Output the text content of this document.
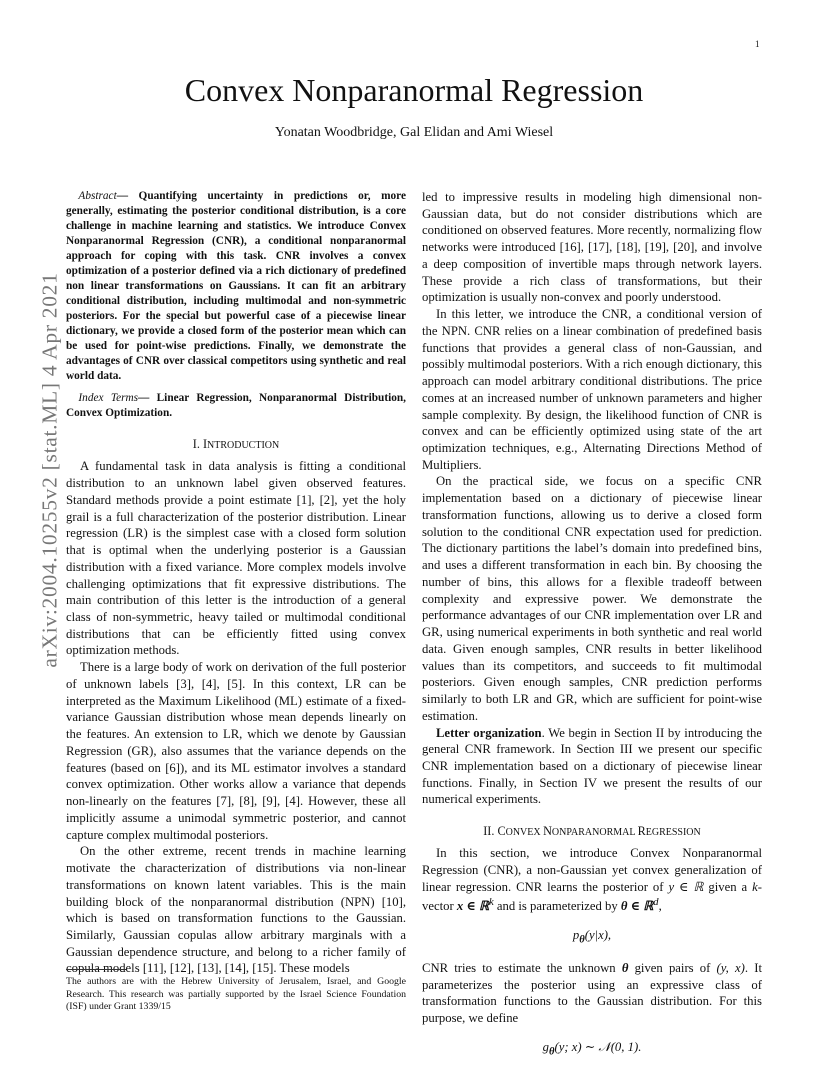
1
arXiv:2004.10255v2 [stat.ML] 4 Apr 2021
Convex Nonparanormal Regression
Yonatan Woodbridge, Gal Elidan and Ami Wiesel

Abstract— Quantifying uncertainty in predictions or, more generally, estimating the posterior conditional distribution, is a core challenge in machine learning and statistics. We introduce Convex Nonparanormal Regression (CNR), a conditional nonparanormal approach for coping with this task. CNR involves a convex optimization of a posterior defined via a rich dictionary of predefined non linear transformations on Gaussians. It can fit an arbitrary conditional distribution, including multimodal and non-symmetric posteriors. For the special but powerful case of a piecewise linear dictionary, we provide a closed form of the posterior mean which can be used for point-wise predictions. Finally, we demonstrate the advantages of CNR over classical competitors using synthetic and real world data.

Index Terms— Linear Regression, Nonparanormal Distribution, Convex Optimization.

I. INTRODUCTION

A fundamental task in data analysis is fitting a conditional distribution to an unknown label given observed features. Standard methods provide a point estimate [1], [2], yet the holy grail is a full characterization of the posterior distribution. Linear regression (LR) is the simplest case with a closed form solution that is optimal when the underlying posterior is a Gaussian distribution with a fixed variance. More complex models involve challenging optimizations that fit expressive distributions. The main contribution of this letter is the introduction of a general class of non-symmetric, heavy tailed or multimodal conditional distributions that can be efficiently fitted using convex optimization methods.

There is a large body of work on derivation of the full posterior of unknown labels [3], [4], [5]. In this context, LR can be interpreted as the Maximum Likelihood (ML) estimate of a fixed-variance Gaussian distribution whose mean depends linearly on the features. An extension to LR, which we denote by Gaussian Regression (GR), also assumes that the variance depends on the features (based on [6]), and its ML estimator involves a standard convex optimization. Other works allow a variance that depends non-linearly on the features [7], [8], [9], [4]. However, these all implicitly assume a unimodal symmetric posterior, and cannot capture complex multimodal posteriors.

On the other extreme, recent trends in machine learning motivate the characterization of distributions via non-linear transformations on known latent variables. This is the main building block of the nonparanormal distribution (NPN) [10], which is based on transformation functions to the Gaussian. Similarly, Gaussian copulas allow arbitrary marginals with a Gaussian dependence structure, and belong to a richer family of copula models [11], [12], [13], [14], [15]. These models

The authors are with the Hebrew University of Jerusalem, Israel, and Google Research. This research was partially supported by the Israel Science Foundation (ISF) under Grant 1339/15

led to impressive results in modeling high dimensional non-Gaussian data, but do not consider distributions which are conditioned on observed features. More recently, normalizing flow networks were introduced [16], [17], [18], [19], [20], and involve a deep composition of invertible maps through network layers. These provide a rich class of transformations, but their optimization is usually non-convex and poorly understood.

In this letter, we introduce the CNR, a conditional version of the NPN. CNR relies on a linear combination of predefined basis functions that provides a general class of non-Gaussian, and possibly multimodal posteriors. With a rich enough dictionary, this approach can model arbitrary conditional distributions. The price comes at an increased number of unknown parameters and higher sample complexity. By design, the likelihood function of CNR is convex and can be efficiently optimized using state of the art optimization techniques, e.g., Alternating Directions Method of Multipliers.

On the practical side, we focus on a specific CNR implementation based on a dictionary of piecewise linear transformation functions, allowing us to derive a closed form solution to the conditional CNR expectation used for prediction. The dictionary partitions the label’s domain into predefined bins, and uses a different transformation in each bin. By choosing the number of bins, this allows for a flexible tradeoff between complexity and expressive power. We demonstrate the performance advantages of our CNR implementation over LR and GR, using numerical experiments in both synthetic and real world data. Given enough samples, CNR results in better likelihood values than its competitors, and succeeds to fit multimodal posteriors. Given enough samples, CNR prediction performs similarly to both LR and GR, which are sufficient for point-wise estimation.

Letter organization. We begin in Section II by introducing the general CNR framework. In Section III we present our specific CNR implementation based on a dictionary of piecewise linear functions. Finally, in Section IV we present the results of our numerical experiments.

II. CONVEX NONPARANORMAL REGRESSION

In this section, we introduce Convex Nonparanormal Regression (CNR), a non-Gaussian yet convex generalization of linear regression. CNR learns the posterior of y ∈ ℝ given a k-vector x ∈ ℝ$^k$ and is parameterized by θ ∈ ℝ$^d$,

$p_\theta(y|x)$,

CNR tries to estimate the unknown θ given pairs of (y, x). It parameterizes the posterior using an expressive class of transformation functions to the Gaussian distribution. For this purpose, we define

$g_\theta(y$; x) ∼ 𝒩(0, 1).
